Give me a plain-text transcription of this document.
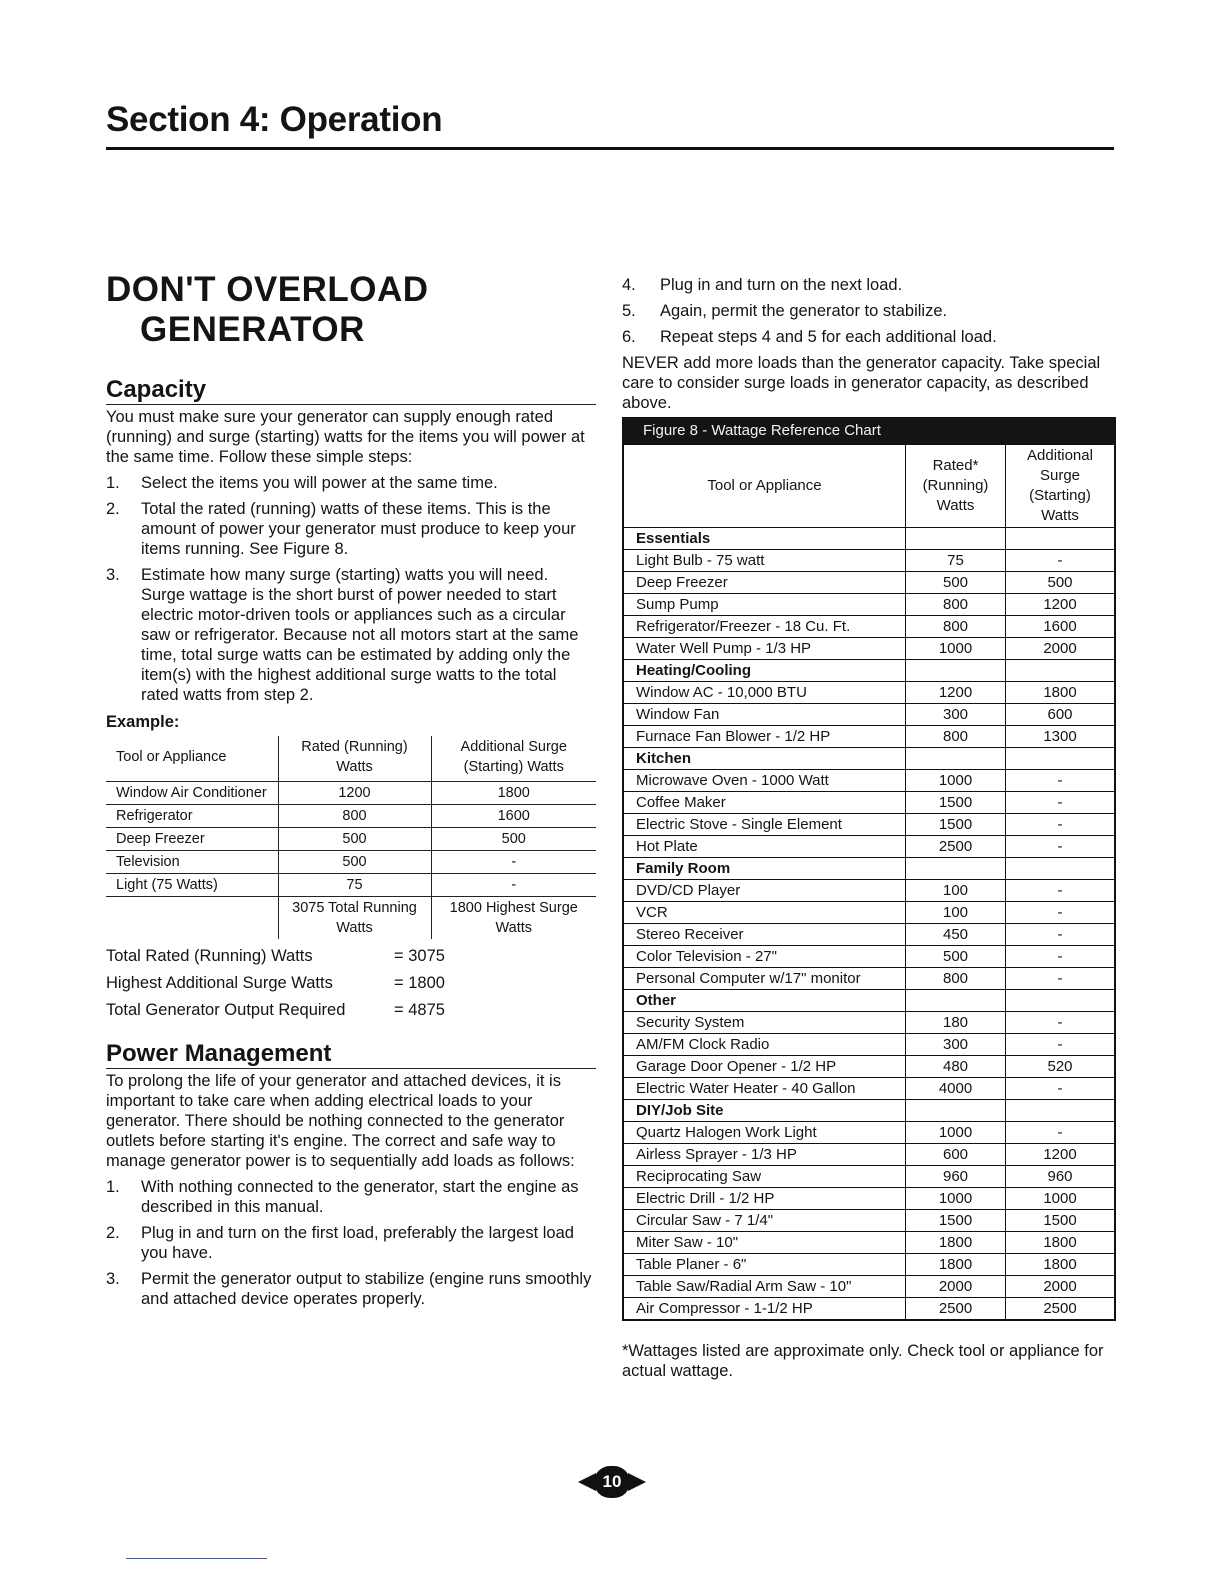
Section 4: Operation
DON'T OVERLOAD
GENERATOR
Capacity

You must make sure your generator can supply enough rated (running) and surge (starting) watts for the items you will power at the same time. Follow these simple steps:

1. Select the items you will power at the same time.
2. Total the rated (running) watts of these items. This is the amount of power your generator must produce to keep your items running. See Figure 8.
3. Estimate how many surge (starting) watts you will need. Surge wattage is the short burst of power needed to start electric motor-driven tools or appliances such as a circular saw or refrigerator. Because not all motors start at the same time, total surge watts can be estimated by adding only the item(s) with the highest additional surge watts to the total rated watts from step 2.
Example:
Tool or Appliance	Rated (Running) Watts	Additional Surge (Starting) Watts
Window Air Conditioner	1200	1800
Refrigerator	800	1600
Deep Freezer	500	500
Television	500	-
Light (75 Watts)	75	-
	3075 Total Running Watts	1800 Highest Surge Watts
Total Rated (Running) Watts	= 3075
Highest Additional Surge Watts	= 1800
Total Generator Output Required	= 4875
Power Management

To prolong the life of your generator and attached devices, it is important to take care when adding electrical loads to your generator. There should be nothing connected to the generator outlets before starting it's engine. The correct and safe way to manage generator power is to sequentially add loads as follows:

1. With nothing connected to the generator, start the engine as described in this manual.
2. Plug in and turn on the first load, preferably the largest load you have.
3. Permit the generator output to stabilize (engine runs smoothly and attached device operates properly.
4. Plug in and turn on the next load.
5. Again, permit the generator to stabilize.
6. Repeat steps 4 and 5 for each additional load.

NEVER add more loads than the generator capacity. Take special care to consider surge loads in generator capacity, as described above.

Figure 8 - Wattage Reference Chart
Tool or Appliance	Rated* (Running) Watts	Additional Surge (Starting) Watts
Essentials		
Light Bulb - 75 watt	75	-
Deep Freezer	500	500
Sump Pump	800	1200
Refrigerator/Freezer - 18 Cu. Ft.	800	1600
Water Well Pump - 1/3 HP	1000	2000
Heating/Cooling		
Window AC - 10,000 BTU	1200	1800
Window Fan	300	600
Furnace Fan Blower - 1/2 HP	800	1300
Kitchen		
Microwave Oven - 1000 Watt	1000	-
Coffee Maker	1500	-
Electric Stove - Single Element	1500	-
Hot Plate	2500	-
Family Room		
DVD/CD Player	100	-
VCR	100	-
Stereo Receiver	450	-
Color Television - 27"	500	-
Personal Computer w/17" monitor	800	-
Other		
Security System	180	-
AM/FM Clock Radio	300	-
Garage Door Opener - 1/2 HP	480	520
Electric Water Heater - 40 Gallon	4000	-
DIY/Job Site		
Quartz Halogen Work Light	1000	-
Airless Sprayer - 1/3 HP	600	1200
Reciprocating Saw	960	960
Electric Drill - 1/2 HP	1000	1000
Circular Saw - 7 1/4"	1500	1500
Miter Saw - 10"	1800	1800
Table Planer - 6"	1800	1800
Table Saw/Radial Arm Saw - 10"	2000	2000
Air Compressor - 1-1/2 HP	2500	2500

*Wattages listed are approximate only. Check tool or appliance for actual wattage.

10
